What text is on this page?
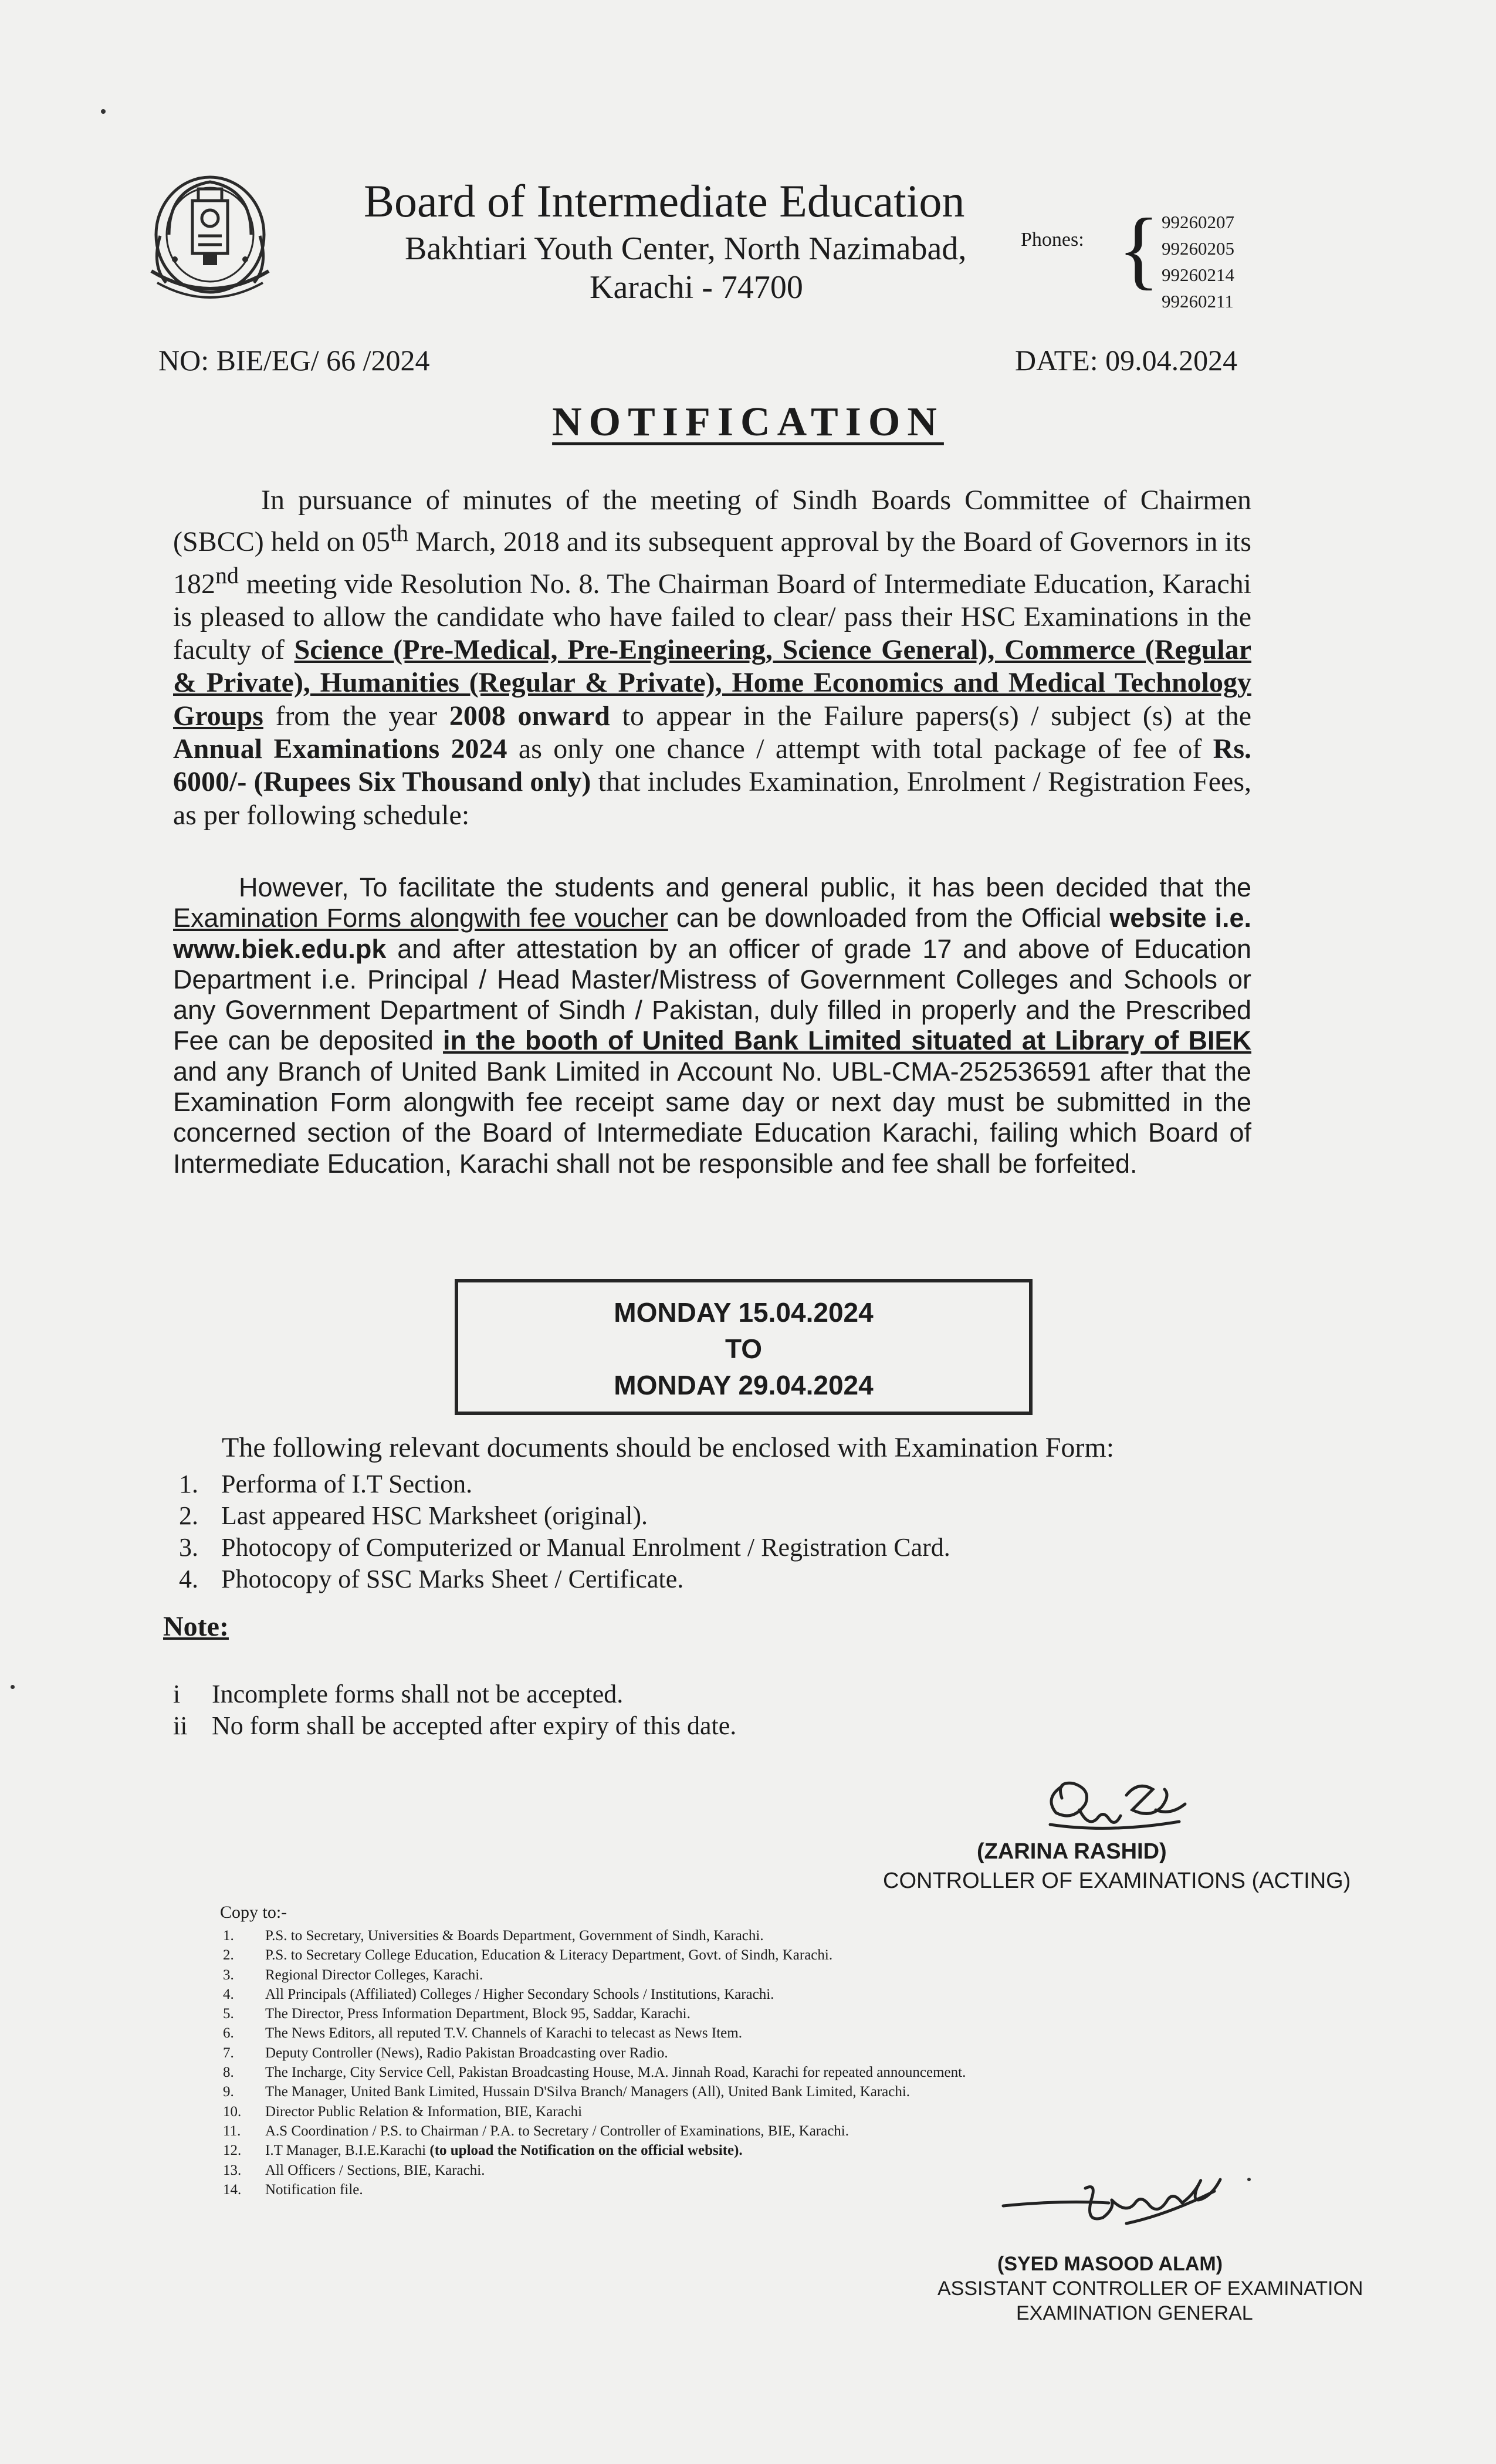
Board of Intermediate Education
Bakhtiari Youth Center, North Nazimabad,
Karachi - 74700
Phones: { 99260207
99260205
99260214
99260211
NO: BIE/EG/ 66 /2024	DATE: 09.04.2024
NOTIFICATION
In pursuance of minutes of the meeting of Sindh Boards Committee of Chairmen (SBCC) held on 05th March, 2018 and its subsequent approval by the Board of Governors in its 182nd meeting vide Resolution No. 8. The Chairman Board of Intermediate Education, Karachi is pleased to allow the candidate who have failed to clear/ pass their HSC Examinations in the faculty of Science (Pre-Medical, Pre-Engineering, Science General), Commerce (Regular & Private), Humanities (Regular & Private), Home Economics and Medical Technology Groups from the year 2008 onward to appear in the Failure papers(s) / subject (s) at the Annual Examinations 2024 as only one chance / attempt with total package of fee of Rs. 6000/- (Rupees Six Thousand only) that includes Examination, Enrolment / Registration Fees, as per following schedule:
However, To facilitate the students and general public, it has been decided that the Examination Forms alongwith fee voucher can be downloaded from the Official website i.e. www.biek.edu.pk and after attestation by an officer of grade 17 and above of Education Department i.e. Principal / Head Master/Mistress of Government Colleges and Schools or any Government Department of Sindh / Pakistan, duly filled in properly and the Prescribed Fee can be deposited in the booth of United Bank Limited situated at Library of BIEK and any Branch of United Bank Limited in Account No. UBL-CMA-252536591 after that the Examination Form alongwith fee receipt same day or next day must be submitted in the concerned section of the Board of Intermediate Education Karachi, failing which Board of Intermediate Education, Karachi shall not be responsible and fee shall be forfeited.
MONDAY 15.04.2024
TO
MONDAY 29.04.2024
The following relevant documents should be enclosed with Examination Form:
1. Performa of I.T Section.
2. Last appeared HSC Marksheet (original).
3. Photocopy of Computerized or Manual Enrolment / Registration Card.
4. Photocopy of SSC Marks Sheet / Certificate.
Note:
i Incomplete forms shall not be accepted.
ii No form shall be accepted after expiry of this date.
(ZARINA RASHID)
CONTROLLER OF EXAMINATIONS (ACTING)
Copy to:-
1. P.S. to Secretary, Universities & Boards Department, Government of Sindh, Karachi.
2. P.S. to Secretary College Education, Education & Literacy Department, Govt. of Sindh, Karachi.
3. Regional Director Colleges, Karachi.
4. All Principals (Affiliated) Colleges / Higher Secondary Schools / Institutions, Karachi.
5. The Director, Press Information Department, Block 95, Saddar, Karachi.
6. The News Editors, all reputed T.V. Channels of Karachi to telecast as News Item.
7. Deputy Controller (News), Radio Pakistan Broadcasting over Radio.
8. The Incharge, City Service Cell, Pakistan Broadcasting House, M.A. Jinnah Road, Karachi for repeated announcement.
9. The Manager, United Bank Limited, Hussain D'Silva Branch/ Managers (All), United Bank Limited, Karachi.
10. Director Public Relation & Information, BIE, Karachi
11. A.S Coordination / P.S. to Chairman / P.A. to Secretary / Controller of Examinations, BIE, Karachi.
12. I.T Manager, B.I.E.Karachi (to upload the Notification on the official website).
13. All Officers / Sections, BIE, Karachi.
14. Notification file.
(SYED MASOOD ALAM)
ASSISTANT CONTROLLER OF EXAMINATION
EXAMINATION GENERAL
